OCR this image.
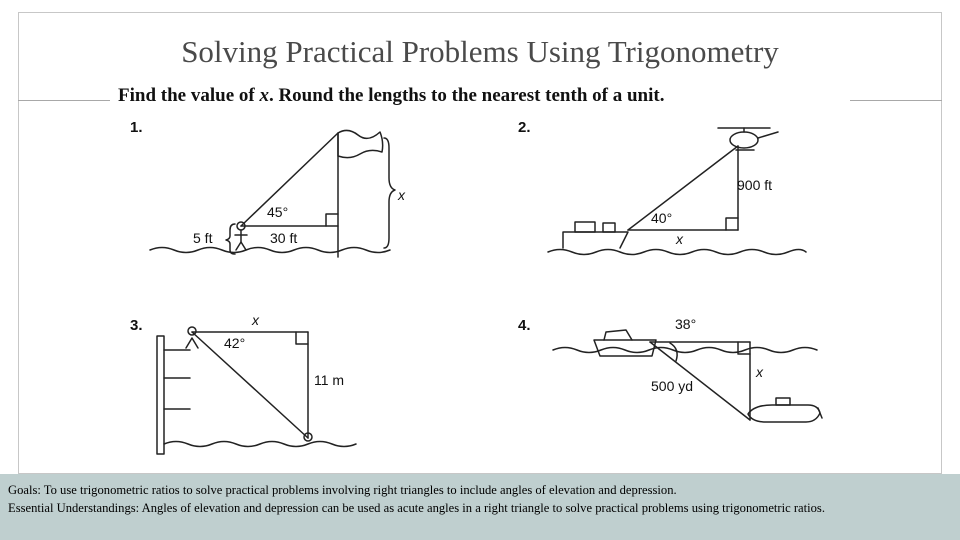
Solving Practical Problems Using Trigonometry
Find the value of x. Round the lengths to the nearest tenth of a unit.
1.
45°
5 ft	30 ft
x
2.
40°
900 ft
x
3.
42°
11 m
x	4.	38°
500 yd
x
Goals: To use trigonometric ratios to solve practical problems involving right triangles to include angles of elevation and depression.
Essential Understandings: Angles of elevation and depression can be used as acute angles in a right triangle to solve practical problems using trigonometric ratios.
